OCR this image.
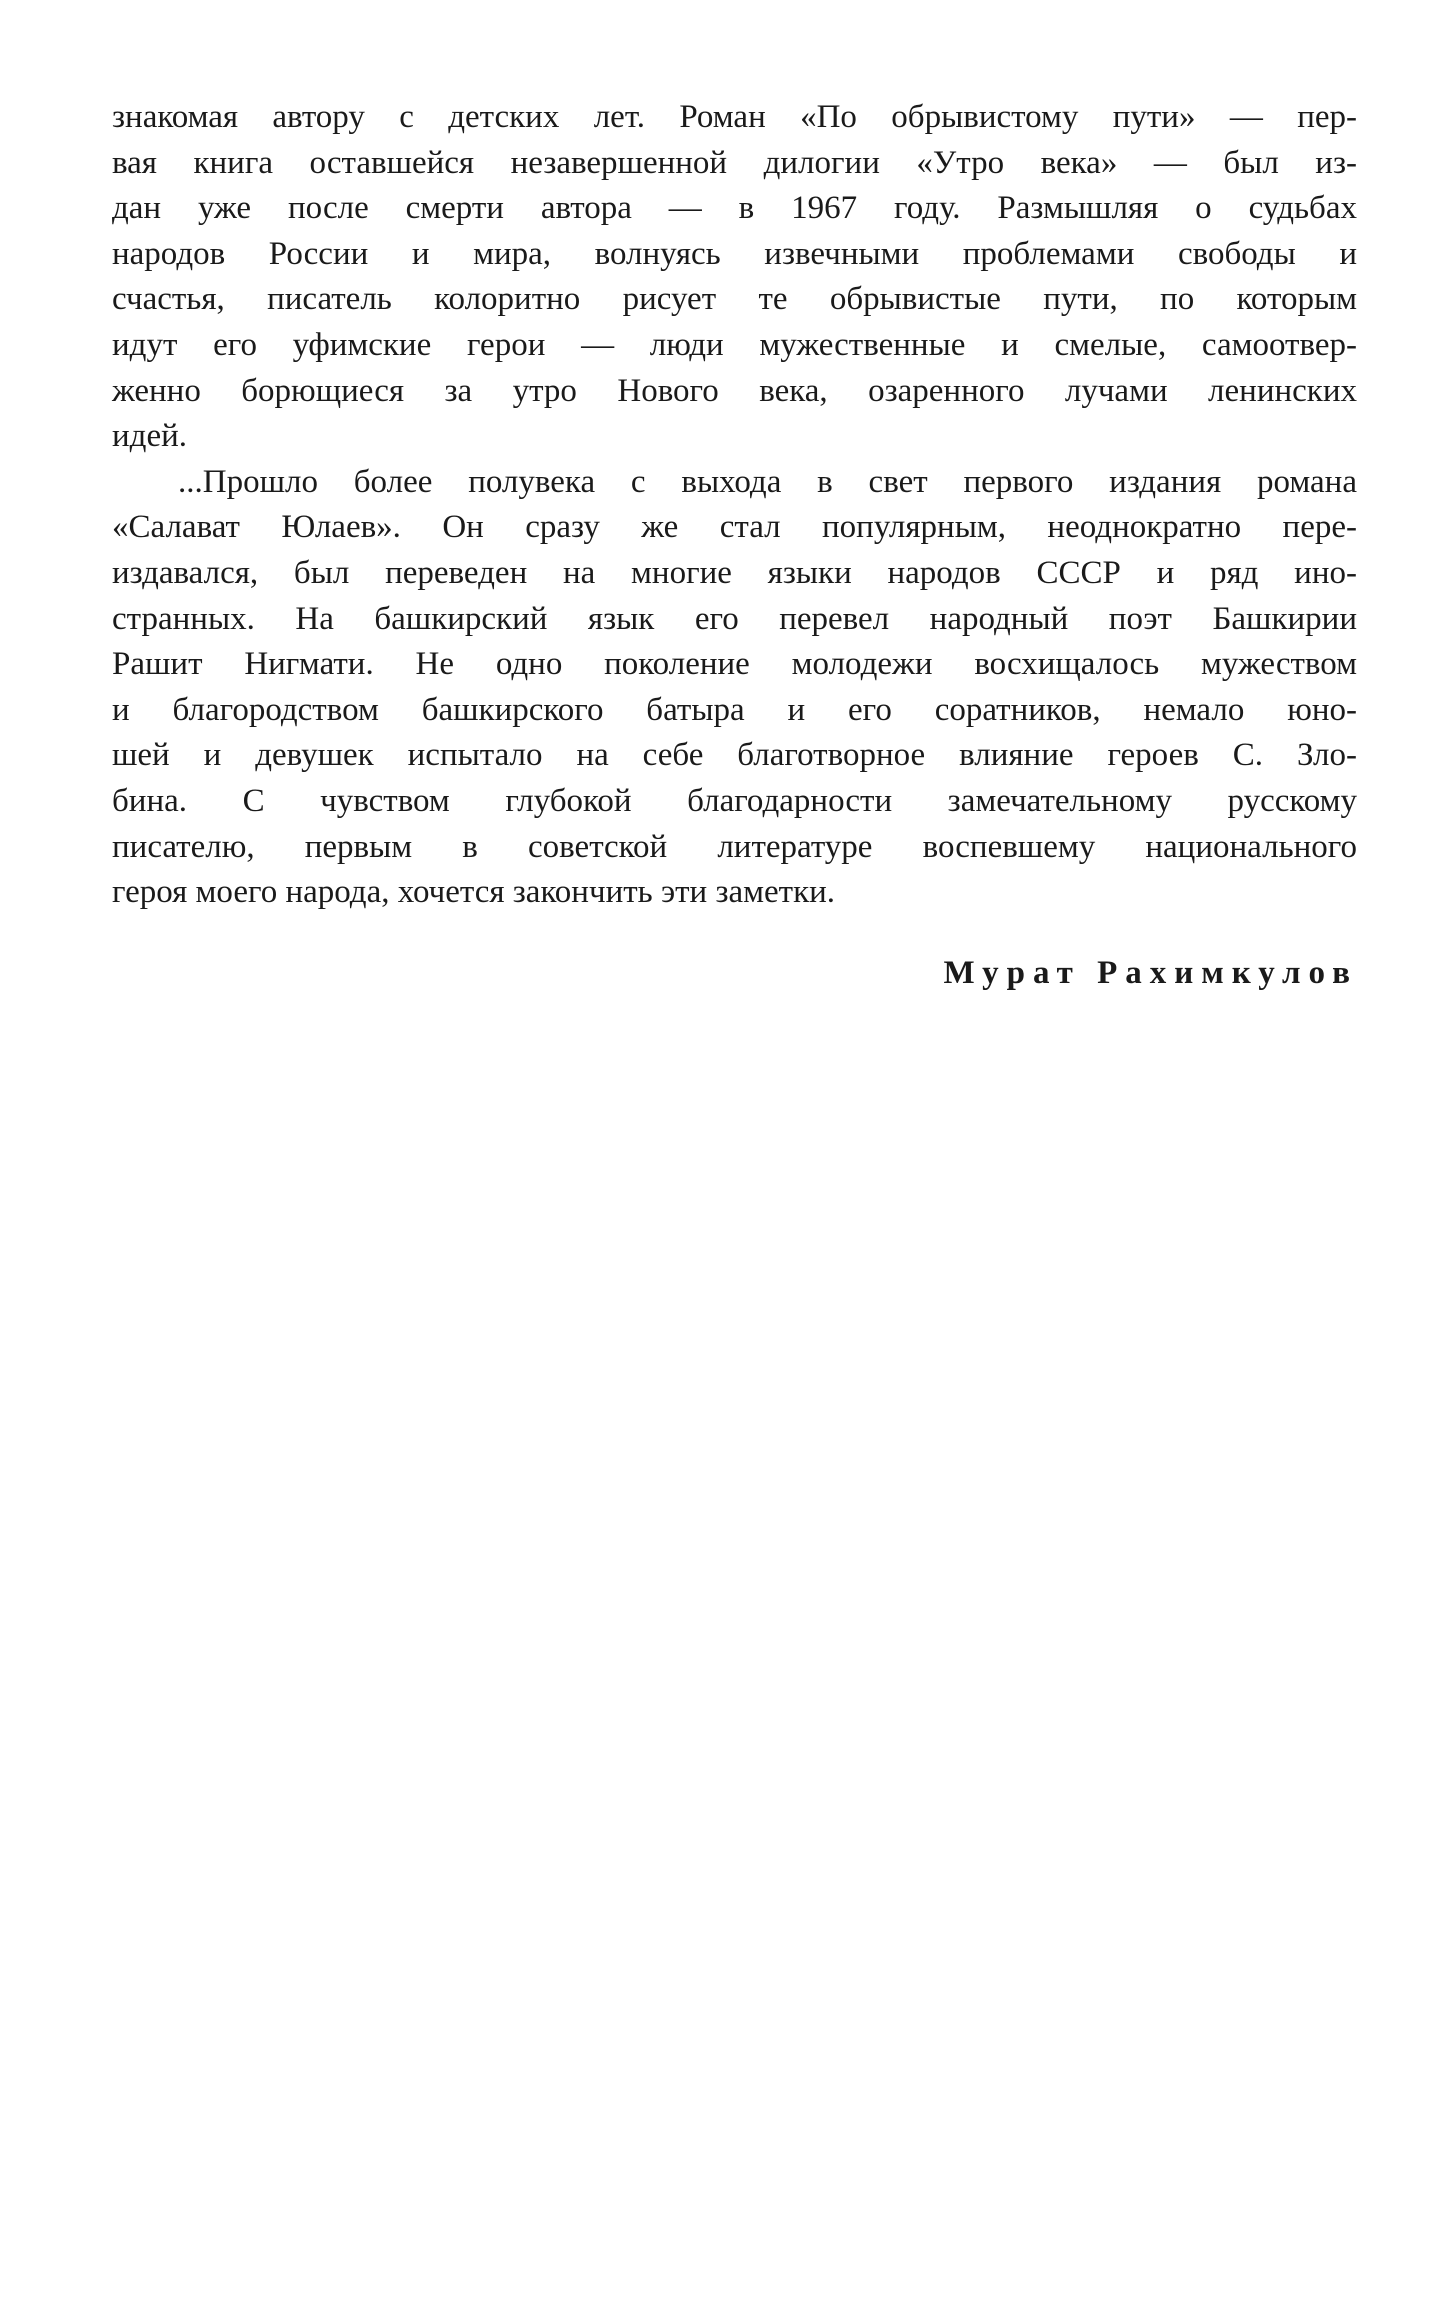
знакомая автору с детских лет. Роман «По обрывистому пути» — пер-
вая книга оставшейся незавершенной дилогии «Утро века» — был из-
дан уже после смерти автора — в 1967 году. Размышляя о судьбах
народов России и мира, волнуясь извечными проблемами свободы и
счастья, писатель колоритно рисует те обрывистые пути, по которым
идут его уфимские герои — люди мужественные и смелые, самоотвер-
женно борющиеся за утро Нового века, озаренного лучами ленинских
идей.
...Прошло более полувека с выхода в свет первого издания романа
«Салават Юлаев». Он сразу же стал популярным, неоднократно пере-
издавался, был переведен на многие языки народов СССР и ряд ино-
странных. На башкирский язык его перевел народный поэт Башкирии
Рашит Нигмати. Не одно поколение молодежи восхищалось мужеством
и благородством башкирского батыра и его соратников, немало юно-
шей и девушек испытало на себе благотворное влияние героев С. Зло-
бина. С чувством глубокой благодарности замечательному русскому
писателю, первым в советской литературе воспевшему национального
героя моего народа, хочется закончить эти заметки.
Мурат Рахимкулов
